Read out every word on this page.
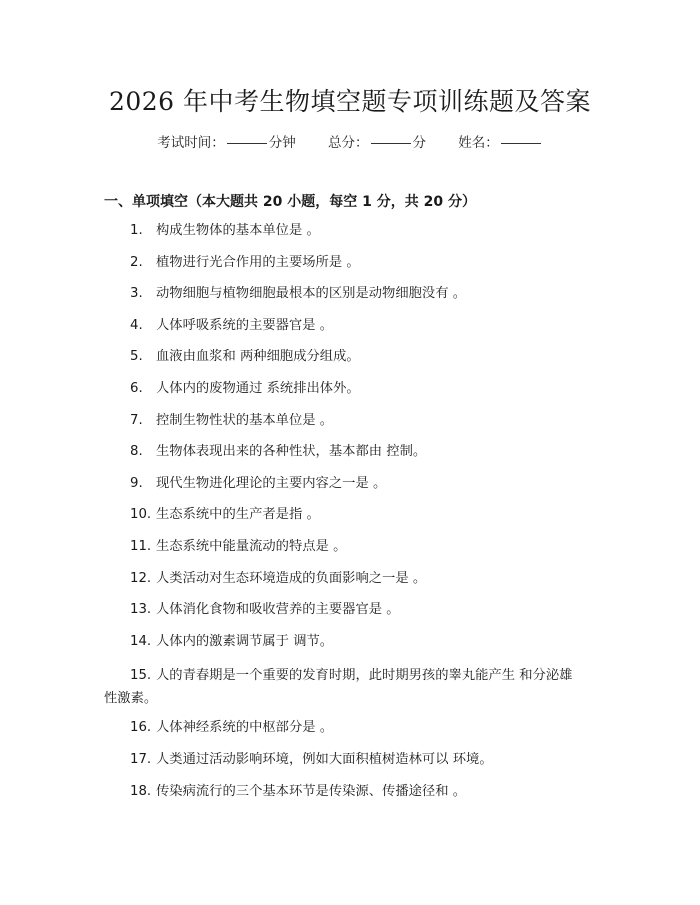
2026 年中考生物填空题专项训练题及答案
考试时间：	分钟 总分：	分 姓名：
一、单项填空（本大题共 20 小题，每空 1 分，共 20 分）
1. 构成生物体的基本单位是 。
2. 植物进行光合作用的主要场所是 。
3. 动物细胞与植物细胞最根本的区别是动物细胞没有 。
4. 人体呼吸系统的主要器官是 。
5. 血液由血浆和 两种细胞成分组成。
6. 人体内的废物通过 系统排出体外。
7. 控制生物性状的基本单位是 。
8. 生物体表现出来的各种性状，基本都由 控制。
9. 现代生物进化理论的主要内容之一是 。
10. 生态系统中的生产者是指 。
11. 生态系统中能量流动的特点是 。
12. 人类活动对生态环境造成的负面影响之一是 。
13. 人体消化食物和吸收营养的主要器官是 。
14. 人体内的激素调节属于 调节。
15. 人的青春期是一个重要的发育时期，此时期男孩的睾丸能产生 和分泌雄
性激素。
16. 人体神经系统的中枢部分是 。
17. 人类通过活动影响环境，例如大面积植树造林可以 环境。
18. 传染病流行的三个基本环节是传染源、传播途径和 。
